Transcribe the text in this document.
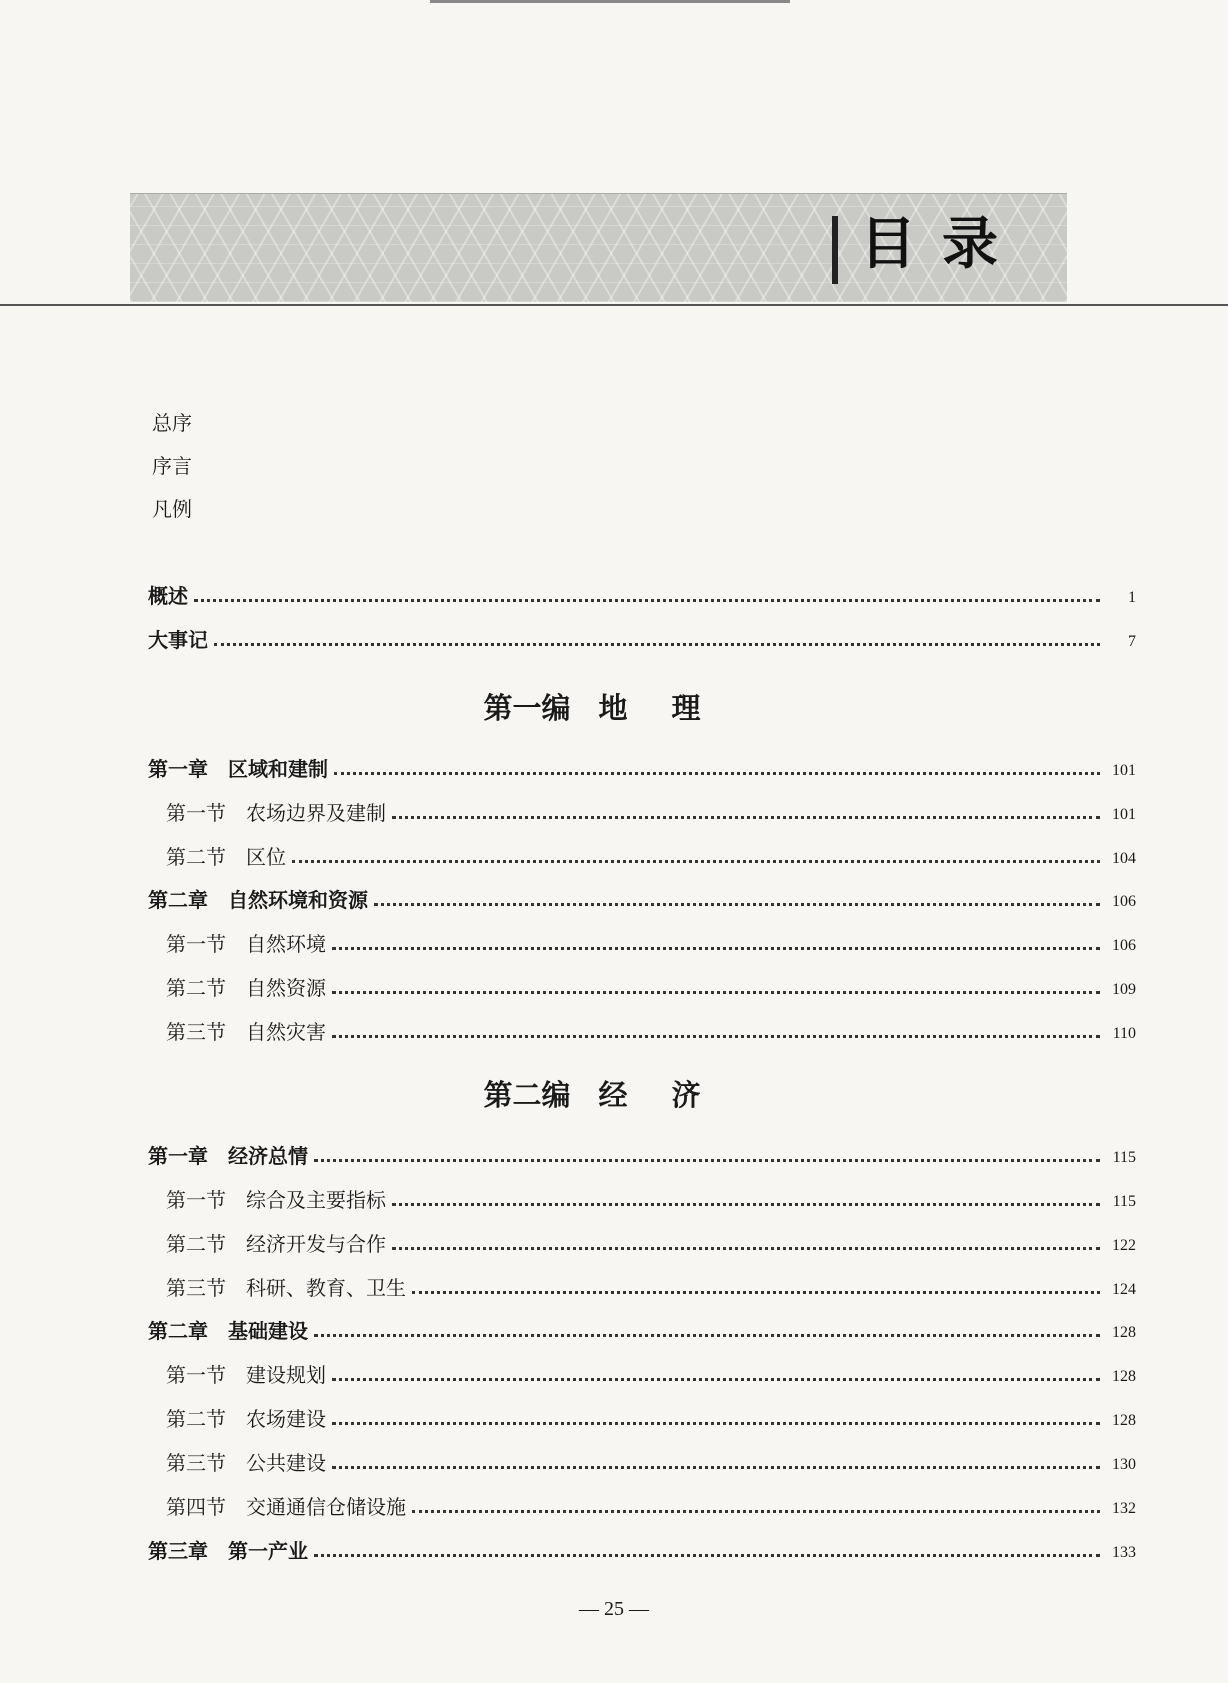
目录
总序
序言
凡例
概述	1
大事记	7
第一编 地理
第一章　区域和建制	101
第一节　农场边界及建制	101
第二节　区位	104
第二章　自然环境和资源	106
第一节　自然环境	106
第二节　自然资源	109
第三节　自然灾害	110
第二编 经济
第一章　经济总情	115
第一节　综合及主要指标	115
第二节　经济开发与合作	122
第三节　科研、教育、卫生	124
第二章　基础建设	128
第一节　建设规划	128
第二节　农场建设	128
第三节　公共建设	130
第四节　交通通信仓储设施	132
第三章　第一产业	133
— 25 —
